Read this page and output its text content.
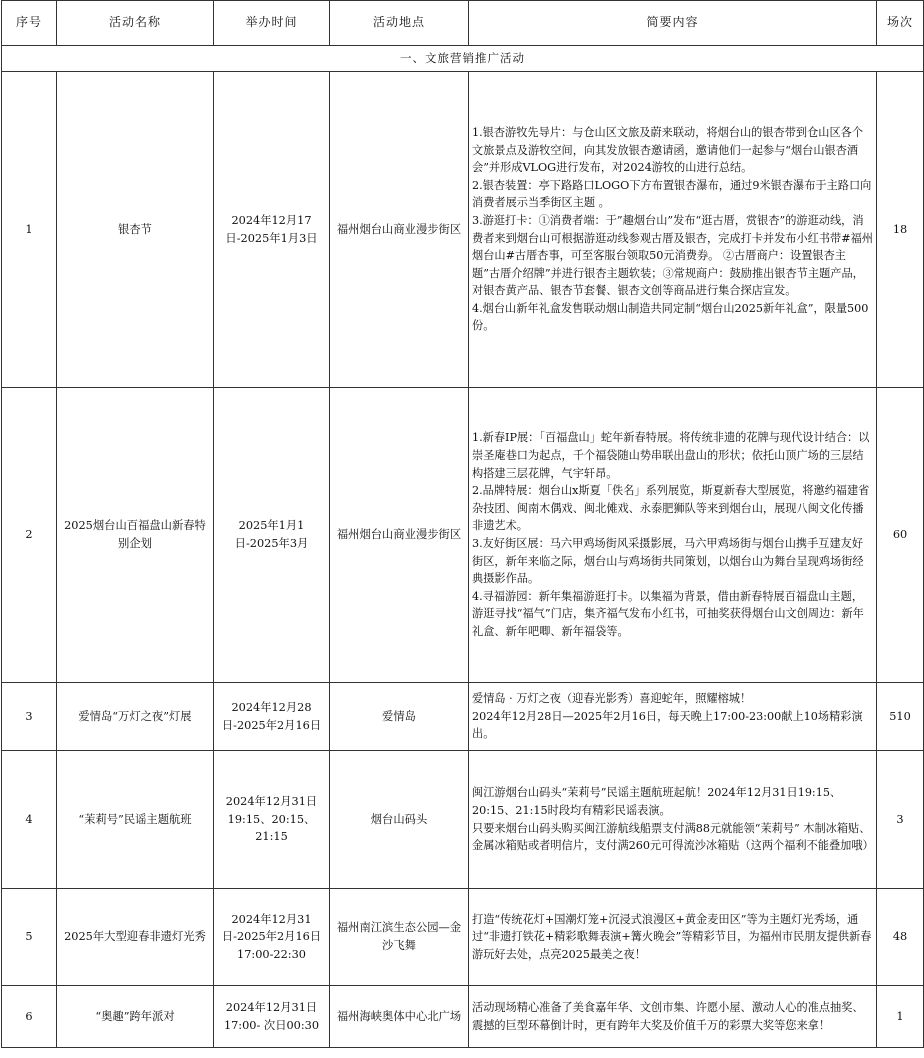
序号	活动名称	举办时间	活动地点	简要内容	场次
一、文旅营销推广活动					
1	银杏节	2024年12月17日-2025年1月3日	福州烟台山商业漫步街区	1.银杏游牧先导片：与仓山区文旅及蔚来联动，将烟台山的银杏带到仓山区各个文旅景点及游牧空间，向其发放银杏邀请函，邀请他们一起参与“烟台山银杏酒会”并形成VLOG进行发布，对2024游牧的山进行总结。
2.银杏装置：亭下路路口LOGO下方布置银杏瀑布，通过9米银杏瀑布于主路口向消费者展示当季街区主题 。
3.游逛打卡：①消费者端：于”趣烟台山”发布“逛古厝，赏银杏”的游逛动线，消费者来到烟台山可根据游逛动线参观古厝及银杏，完成打卡并发布小红书带#福州烟台山#古厝杏事，可至客服台领取50元消费券。 ②古厝商户：设置银杏主题”古厝介绍牌”并进行银杏主题软装；③常规商户：鼓励推出银杏节主题产品，对银杏黄产品、银杏节套餐、银杏文创等商品进行集合探店宣发。
4.烟台山新年礼盒发售联动烟山制造共同定制“烟台山2025新年礼盒”，限量500份。	18
2	2025烟台山百福盘山新春特别企划	2025年1月1日-2025年3月	福州烟台山商业漫步街区	1.新春IP展：「百福盘山」蛇年新春特展。将传统非遗的花牌与现代设计结合：以崇圣庵巷口为起点，千个福袋随山势串联出盘山的形状；依托山顶广场的三层结构搭建三层花牌，气宇轩昂。
2.品牌特展：烟台山x斯夏「佚名」系列展览，斯夏新春大型展览，将邀约福建省杂技团、闽南木偶戏、闽北傩戏、永泰肥狮队等来到烟台山，展现八闽文化传播非遗艺术。
3.友好街区展：马六甲鸡场街风采摄影展，马六甲鸡场街与烟台山携手互建友好街区，新年来临之际，烟台山与鸡场街共同策划，以烟台山为舞台呈现鸡场街经典摄影作品。
4.寻福游园：新年集福游逛打卡。以集福为背景，借由新春特展百福盘山主题，游逛寻找“福气”门店，集齐福气发布小红书，可抽奖获得烟台山文创周边：新年礼盒、新年吧唧、新年福袋等。	60
3	爱情岛“万灯之夜”灯展	2024年12月28日-2025年2月16日	爱情岛	爱情岛 · 万灯之夜（迎春光影秀）喜迎蛇年，照耀榕城！
2024年12月28日—2025年2月16日，每天晚上17:00-23:00献上10场精彩演出。	510
4	“茉莉号”民谣主题航班	2024年12月31日 19:15、20:15、21:15	烟台山码头	闽江游烟台山码头“茉莉号”民谣主题航班起航！2024年12月31日19:15、20:15、21:15时段均有精彩民谣表演。
只要来烟台山码头购买闽江游航线船票支付满88元就能领“茉莉号” 木制冰箱贴、金属冰箱贴或者明信片，支付满260元可得流沙冰箱贴（这两个福利不能叠加哦）	3
5	2025年大型迎春非遗灯光秀	2024年12月31日-2025年2月16日 17:00-22:30	福州南江滨生态公园—金沙飞舞	打造“传统花灯+国潮灯笼+沉浸式浪漫区+黄金麦田区”等为主题灯光秀场，通过“非遗打铁花+精彩歌舞表演+篝火晚会”等精彩节目，为福州市民朋友提供新春游玩好去处，点亮2025最美之夜！	48
6	“奥趣”跨年派对	2024年12月31日 17:00- 次日00:30	福州海峡奥体中心北广场	活动现场精心准备了美食嘉年华、文创市集、许愿小屋、激动人心的准点抽奖、震撼的巨型环幕倒计时，更有跨年大奖及价值千万的彩票大奖等您来拿！	1
